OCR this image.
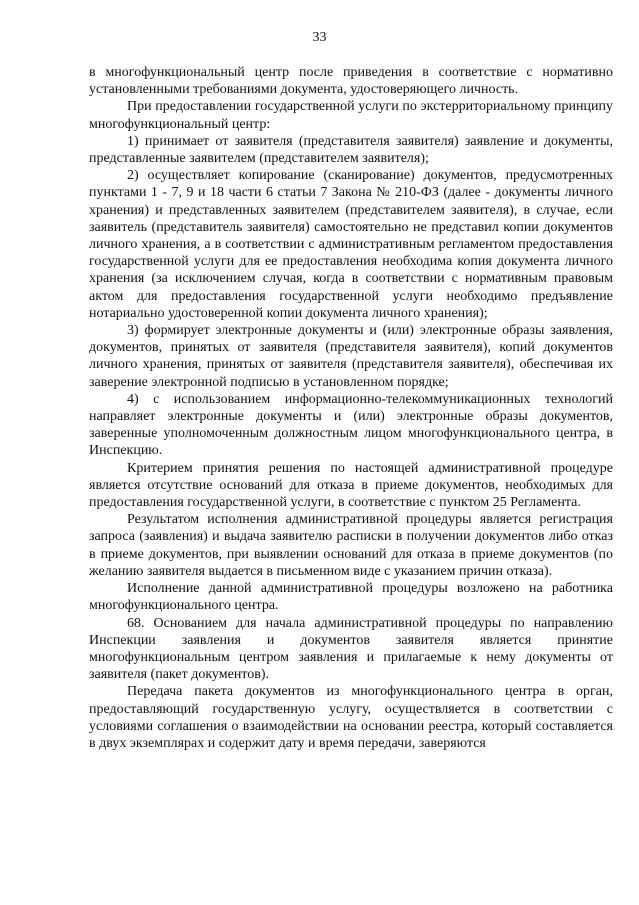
33

в многофункциональный центр после приведения в соответствие с нормативно установленными требованиями документа, удостоверяющего личность.

При предоставлении государственной услуги по экстерриториальному принципу многофункциональный центр:

1) принимает от заявителя (представителя заявителя) заявление и документы, представленные заявителем (представителем заявителя);

2) осуществляет копирование (сканирование) документов, предусмотренных пунктами 1 - 7, 9 и 18 части 6 статьи 7 Закона № 210-ФЗ (далее - документы личного хранения) и представленных заявителем (представителем заявителя), в случае, если заявитель (представитель заявителя) самостоятельно не представил копии документов личного хранения, а в соответствии с административным регламентом предоставления государственной услуги для ее предоставления необходима копия документа личного хранения (за исключением случая, когда в соответствии с нормативным правовым актом для предоставления государственной услуги необходимо предъявление нотариально удостоверенной копии документа личного хранения);

3) формирует электронные документы и (или) электронные образы заявления, документов, принятых от заявителя (представителя заявителя), копий документов личного хранения, принятых от заявителя (представителя заявителя), обеспечивая их заверение электронной подписью в установленном порядке;

4) с использованием информационно-телекоммуникационных технологий направляет электронные документы и (или) электронные образы документов, заверенные уполномоченным должностным лицом многофункционального центра, в Инспекцию.

Критерием принятия решения по настоящей административной процедуре является отсутствие оснований для отказа в приеме документов, необходимых для предоставления государственной услуги, в соответствие с пунктом 25 Регламента.

Результатом исполнения административной процедуры является регистрация запроса (заявления) и выдача заявителю расписки в получении документов либо отказ в приеме документов, при выявлении оснований для отказа в приеме документов (по желанию заявителя выдается в письменном виде с указанием причин отказа).

Исполнение данной административной процедуры возложено на работника многофункционального центра.

68. Основанием для начала административной процедуры по направлению Инспекции заявления и документов заявителя является принятие многофункциональным центром заявления и прилагаемые к нему документы от заявителя (пакет документов).

Передача пакета документов из многофункционального центра в орган, предоставляющий государственную услугу, осуществляется в соответствии с условиями соглашения о взаимодействии на основании реестра, который составляется в двух экземплярах и содержит дату и время передачи, заверяются
